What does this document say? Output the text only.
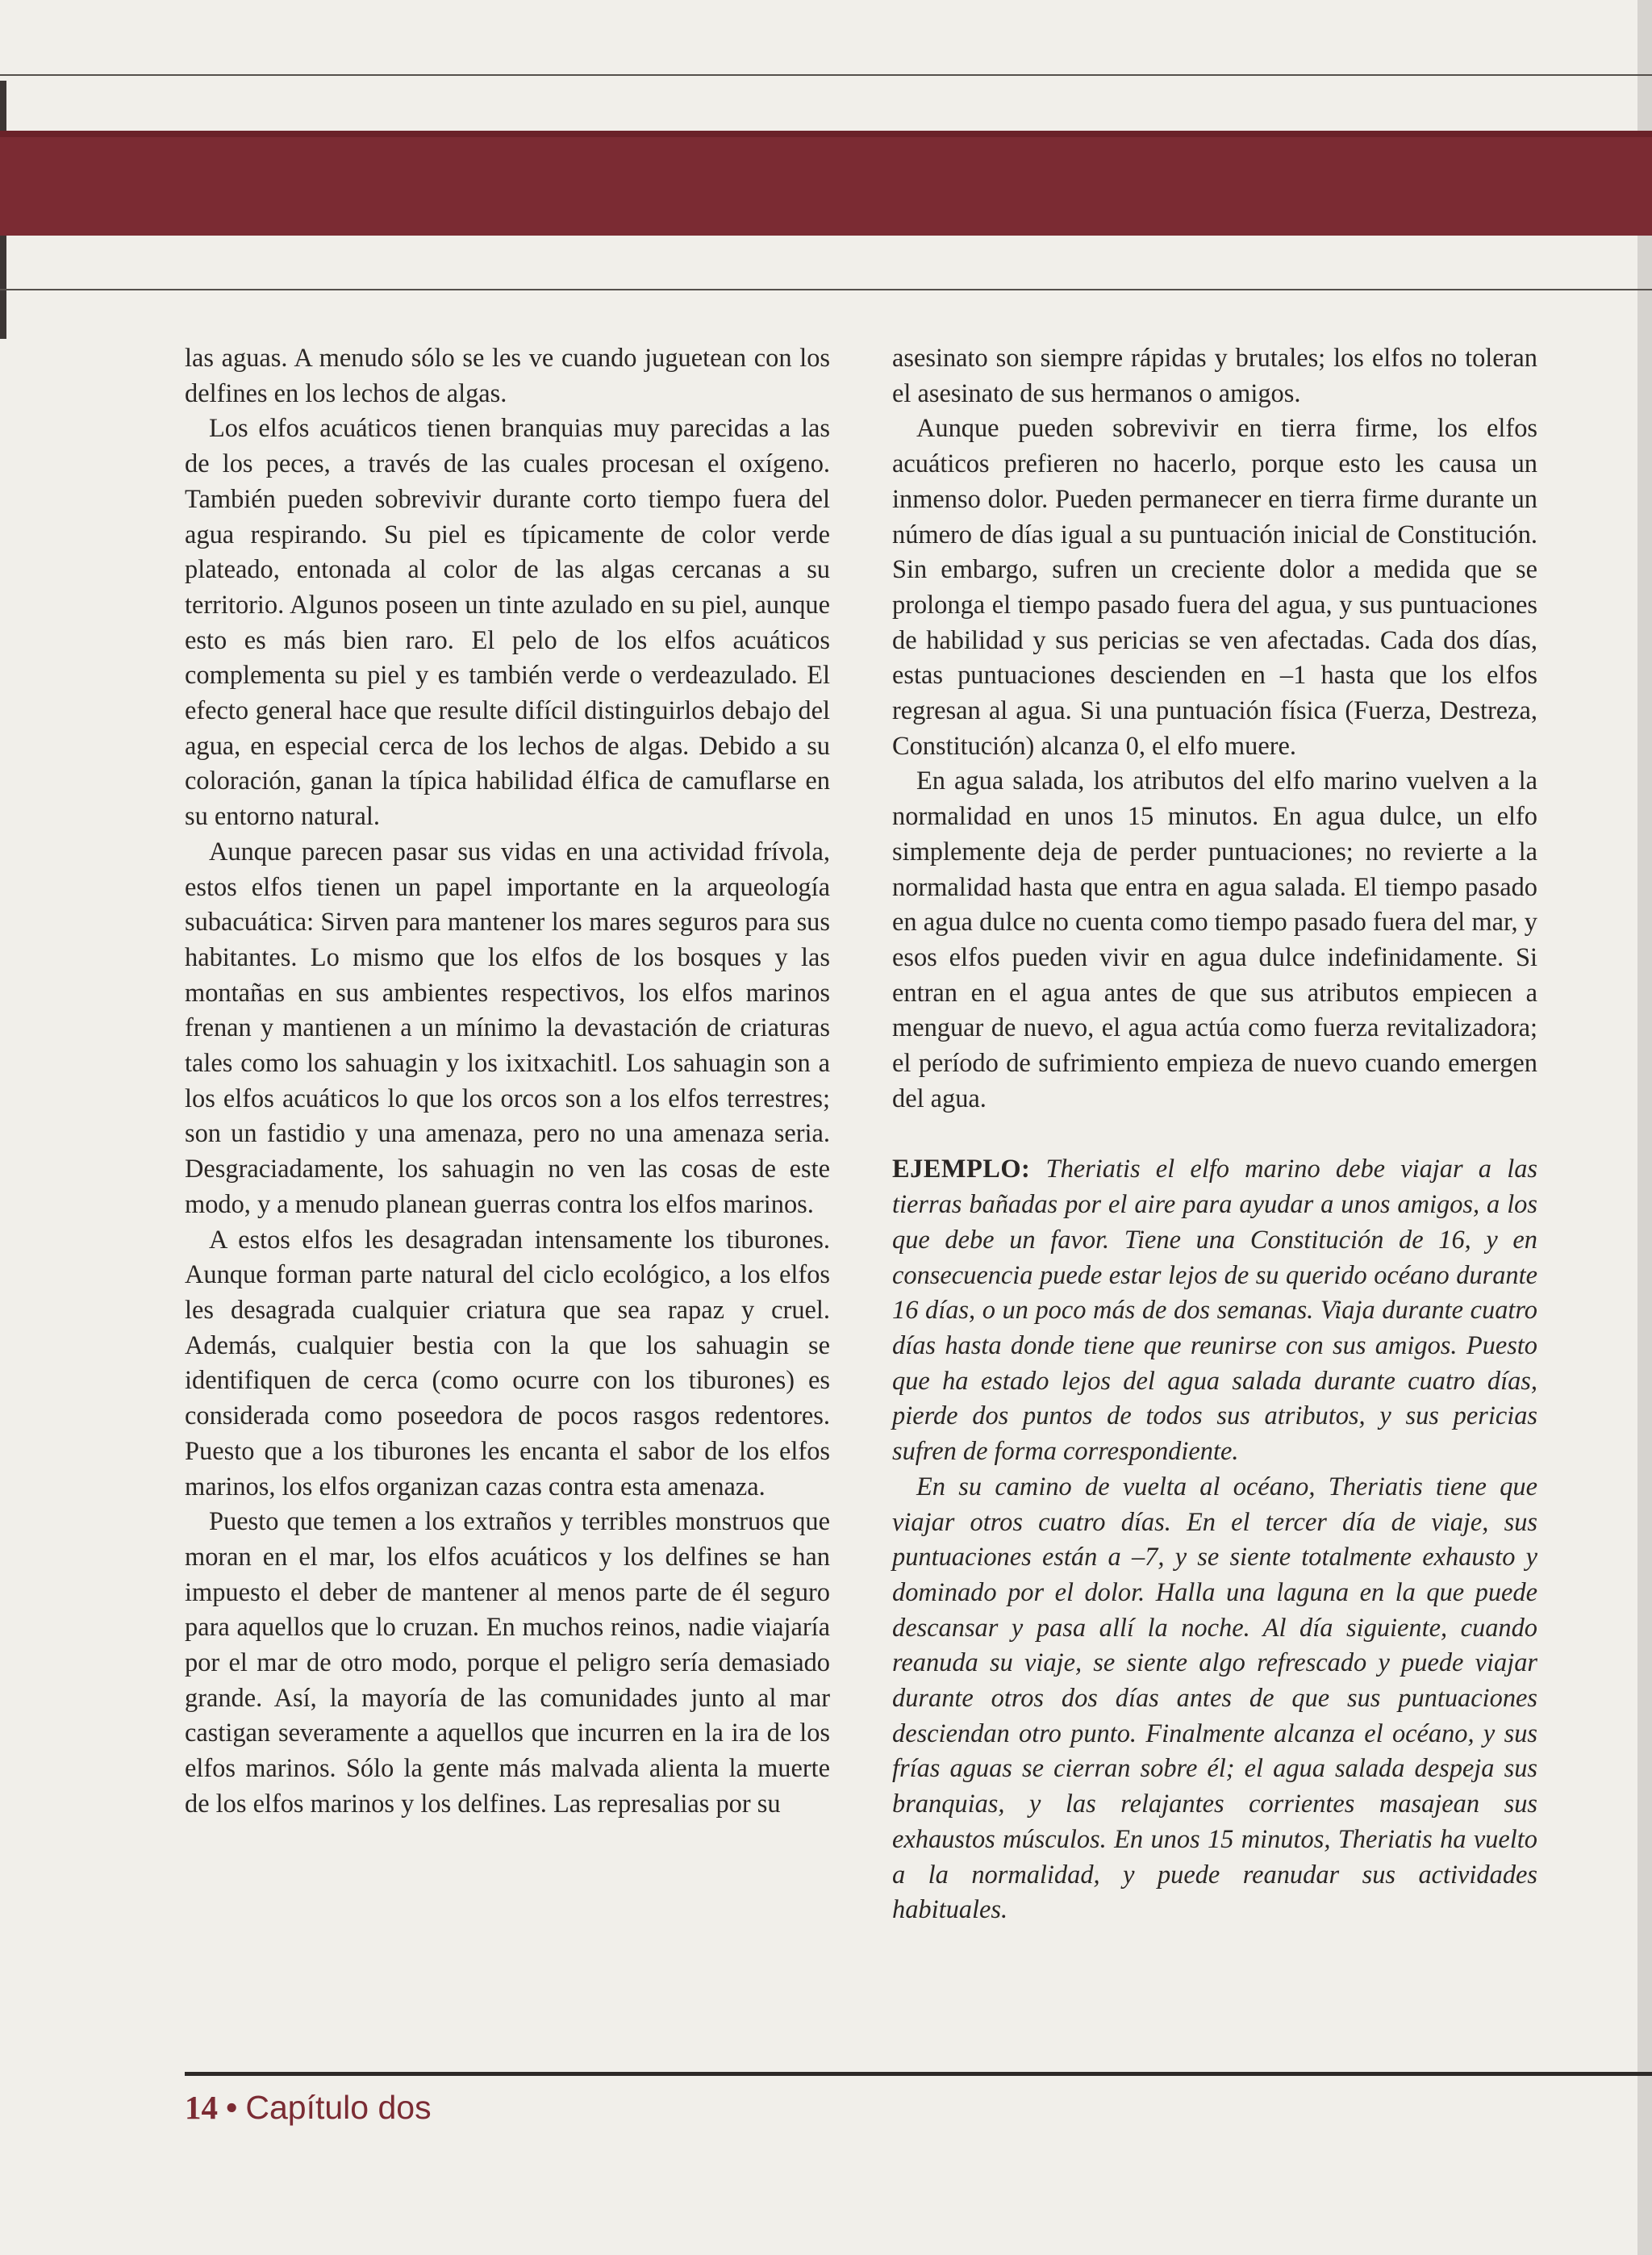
las aguas. A menudo sólo se les ve cuando juguetean con los delfines en los lechos de algas.

Los elfos acuáticos tienen branquias muy parecidas a las de los peces, a través de las cuales procesan el oxígeno. También pueden sobrevivir durante corto tiempo fuera del agua respirando. Su piel es típicamente de color verde plateado, entonada al color de las algas cercanas a su territorio. Algunos poseen un tinte azulado en su piel, aunque esto es más bien raro. El pelo de los elfos acuáticos complementa su piel y es también verde o verdeazulado. El efecto general hace que resulte difícil distinguirlos debajo del agua, en especial cerca de los lechos de algas. Debido a su coloración, ganan la típica habilidad élfica de camuflarse en su entorno natural.

Aunque parecen pasar sus vidas en una actividad frívola, estos elfos tienen un papel importante en la arqueología subacuática: Sirven para mantener los mares seguros para sus habitantes. Lo mismo que los elfos de los bosques y las montañas en sus ambientes respectivos, los elfos marinos frenan y mantienen a un mínimo la devastación de criaturas tales como los sahuagin y los ixitxachitl. Los sahuagin son a los elfos acuáticos lo que los orcos son a los elfos terrestres; son un fastidio y una amenaza, pero no una amenaza seria. Desgraciadamente, los sahuagin no ven las cosas de este modo, y a menudo planean guerras contra los elfos marinos.

A estos elfos les desagradan intensamente los tiburones. Aunque forman parte natural del ciclo ecológico, a los elfos les desagrada cualquier criatura que sea rapaz y cruel. Además, cualquier bestia con la que los sahuagin se identifiquen de cerca (como ocurre con los tiburones) es considerada como poseedora de pocos rasgos redentores. Puesto que a los tiburones les encanta el sabor de los elfos marinos, los elfos organizan cazas contra esta amenaza.

Puesto que temen a los extraños y terribles monstruos que moran en el mar, los elfos acuáticos y los delfines se han impuesto el deber de mantener al menos parte de él seguro para aquellos que lo cruzan. En muchos reinos, nadie viajaría por el mar de otro modo, porque el peligro sería demasiado grande. Así, la mayoría de las comunidades junto al mar castigan severamente a aquellos que incurren en la ira de los elfos marinos. Sólo la gente más malvada alienta la muerte de los elfos marinos y los delfines. Las represalias por su

asesinato son siempre rápidas y brutales; los elfos no toleran el asesinato de sus hermanos o amigos.

Aunque pueden sobrevivir en tierra firme, los elfos acuáticos prefieren no hacerlo, porque esto les causa un inmenso dolor. Pueden permanecer en tierra firme durante un número de días igual a su puntuación inicial de Constitución. Sin embargo, sufren un creciente dolor a medida que se prolonga el tiempo pasado fuera del agua, y sus puntuaciones de habilidad y sus pericias se ven afectadas. Cada dos días, estas puntuaciones descienden en –1 hasta que los elfos regresan al agua. Si una puntuación física (Fuerza, Destreza, Constitución) alcanza 0, el elfo muere.

En agua salada, los atributos del elfo marino vuelven a la normalidad en unos 15 minutos. En agua dulce, un elfo simplemente deja de perder puntuaciones; no revierte a la normalidad hasta que entra en agua salada. El tiempo pasado en agua dulce no cuenta como tiempo pasado fuera del mar, y esos elfos pueden vivir en agua dulce indefinidamente. Si entran en el agua antes de que sus atributos empiecen a menguar de nuevo, el agua actúa como fuerza revitalizadora; el período de sufrimiento empieza de nuevo cuando emergen del agua.

EJEMPLO: Theriatis el elfo marino debe viajar a las tierras bañadas por el aire para ayudar a unos amigos, a los que debe un favor. Tiene una Constitución de 16, y en consecuencia puede estar lejos de su querido océano durante 16 días, o un poco más de dos semanas. Viaja durante cuatro días hasta donde tiene que reunirse con sus amigos. Puesto que ha estado lejos del agua salada durante cuatro días, pierde dos puntos de todos sus atributos, y sus pericias sufren de forma correspondiente.

En su camino de vuelta al océano, Theriatis tiene que viajar otros cuatro días. En el tercer día de viaje, sus puntuaciones están a –7, y se siente totalmente exhausto y dominado por el dolor. Halla una laguna en la que puede descansar y pasa allí la noche. Al día siguiente, cuando reanuda su viaje, se siente algo refrescado y puede viajar durante otros dos días antes de que sus puntuaciones desciendan otro punto. Finalmente alcanza el océano, y sus frías aguas se cierran sobre él; el agua salada despeja sus branquias, y las relajantes corrientes masajean sus exhaustos músculos. En unos 15 minutos, Theriatis ha vuelto a la normalidad, y puede reanudar sus actividades habituales.

14 • Capítulo dos
